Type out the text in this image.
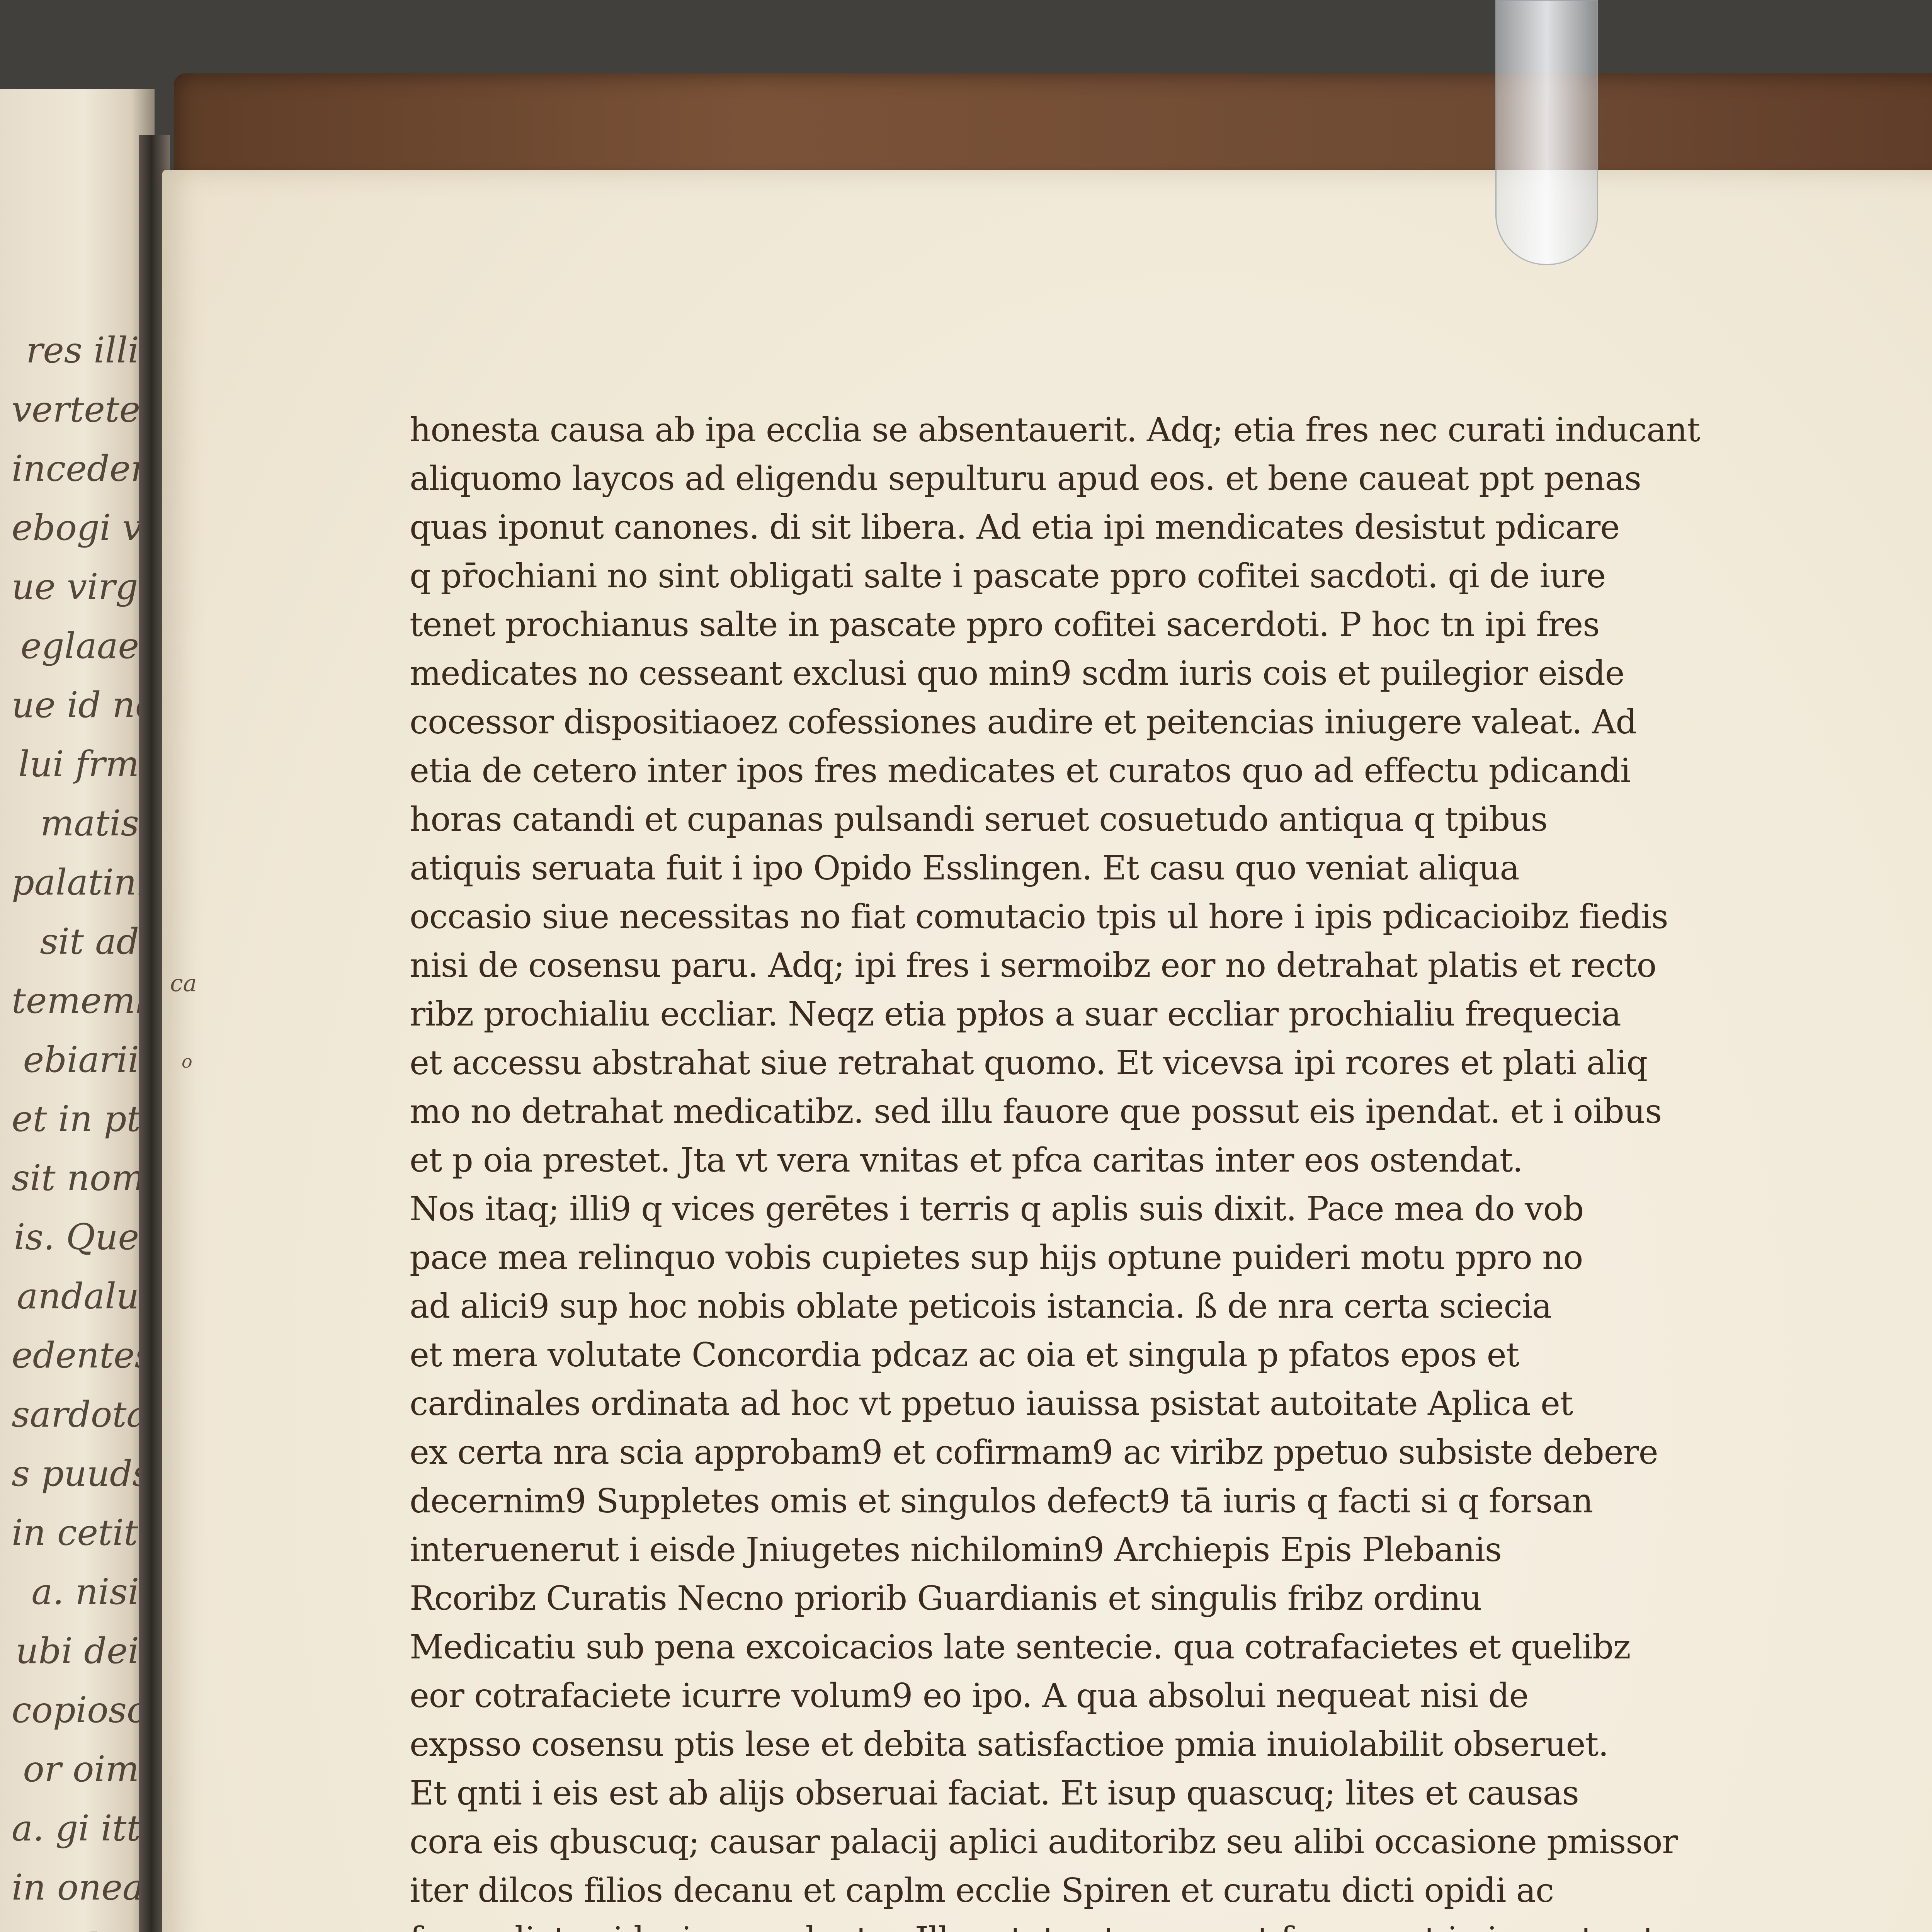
res illi
vertete
incede
ebogi
ue virgi
eglaae
ue id n
lui frm
matis
palatini
sit ad
temem
ebiarii
et in p
sit nom
is. Que
andalu
edentes
sardot
s puuds
in cetit
a. nisi
ubi dei
copioso
or oim
a. gi it
in one
honesta causa ab ipa ecclia se absentauerit. Adq; etia fres nec curati inducant
aliquomo laycos ad eligendu sepulturu apud eos. et bene caueat ppt penas
quas iponut canones. di sit libera. Ad etia ipi mendicates desistut pdicare
q pr̄ochiani no sint obligati salte i pascate ppro cofitei sacdoti. qi de iure
tenet prochianus salte in pascate ppro cofitei sacerdoti. P hoc tn ipi fres
medicates no cesseant exclusi quo min9 scdm iuris cois et puilegior eisde
cocessor dispositiaoez cofessiones audire et peitencias iniugere valeat. Ad
etia de cetero inter ipos fres medicates et curatos quo ad effectu pdicandi
horas catandi et cupanas pulsandi seruet cosuetudo antiqua q tpibus
atiquis seruata fuit i ipo Opido Esslingen. Et casu quo veniat aliqua
occasio siue necessitas no fiat comutacio tpis ul hore i ipis pdicacioibz fiedis
nisi de cosensu paru. Adq; ipi fres i sermoibz eor no detrahat platis et recto
ribz prochialiu eccliar. Neqz etia ppłos a suar eccliar prochialiu frequecia
et accessu abstrahat siue retrahat quomo. Et vicevsa ipi rcores et plati aliq
mo no detrahat medicatibz. sed illu fauore que possut eis ipendat. et i oibus
et p oia prestet. Jta vt vera vnitas et pfca caritas inter eos ostendat.
Nos itaq; illi9 q vices gerētes i terris q aplis suis dixit. Pace mea do vob
pace mea relinquo vobis cupietes sup hijs optune puideri motu ppro no
ad alici9 sup hoc nobis oblate peticois istancia. ß de nra certa sciecia
et mera volutate Concordia pdcaz ac oia et singula p pfatos epos et
cardinales ordinata ad hoc vt ppetuo iauissa psistat autoitate Aplica et
ex certa nra scia approbam9 et cofirmam9 ac viribz ppetuo subsiste debere
decernim9 Suppletes omis et singulos defect9 tā iuris q facti si q forsan
interuenerut i eisde Jniugetes nichilomin9 Archiepis Epis Plebanis
Rcoribz Curatis Necno priorib Guardianis et singulis fribz ordinu
Medicatiu sub pena excoicacios late sentecie. qua cotrafacietes et quelibz
eor cotrafaciete icurre volum9 eo ipo. A qua absolui nequeat nisi de
expsso cosensu ptis lese et debita satisfactioe pmia inuiolabilit obseruet.
Et qnti i eis est ab alijs obseruai faciat. Et isup quascuq; lites et causas
cora eis qbuscuq; causar palacij aplici auditoribz seu alibi occasione pmissor
iter dilcos filios decanu et caplm ecclie Spiren et curatu dicti opidi ac
ca
o
